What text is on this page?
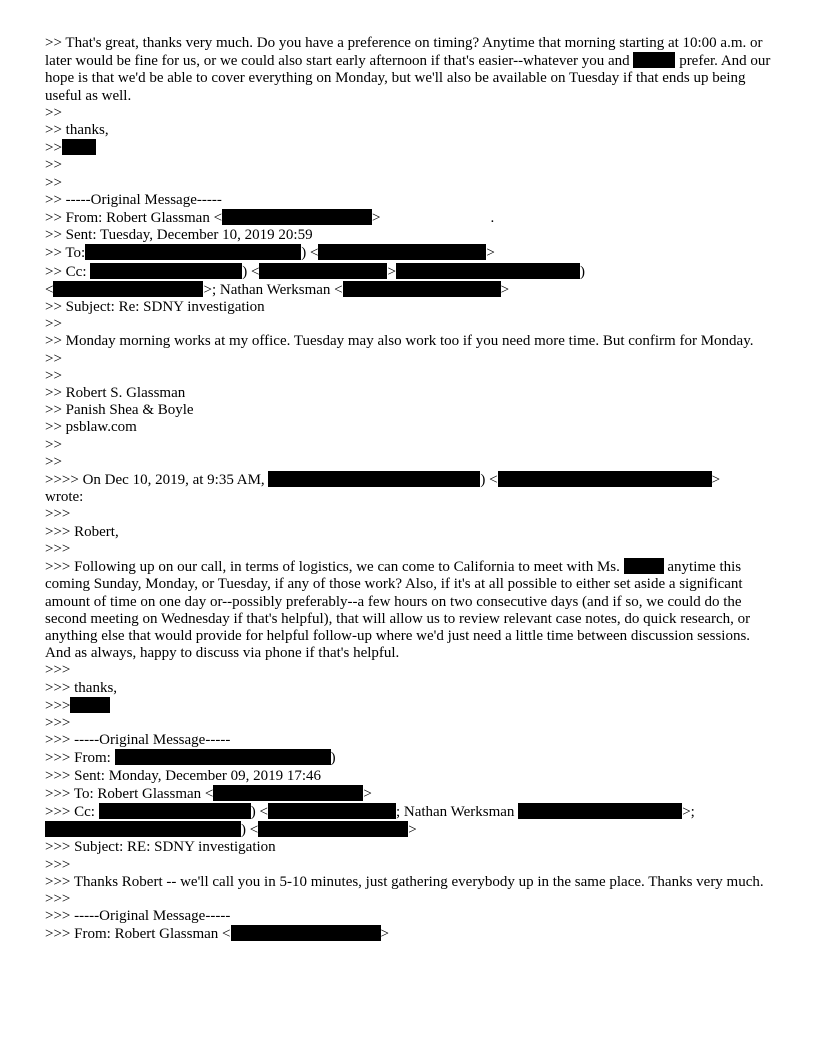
>> That's great, thanks very much. Do you have a preference on timing? Anytime that morning starting at 10:00 a.m. or later would be fine for us, or we could also start early afternoon if that's easier--whatever you and	prefer. And our hope is that we'd be able to cover everything on Monday, but we'll also be available on Tuesday if that ends up being useful as well.
>>
>> thanks,
>>
>>
>>
>> -----Original Message-----
>> From: Robert Glassman <	>	.
>> Sent: Tuesday, December 10, 2019 20:59
>> To:	) <	>
>> Cc:	) <	>	)
<	>; Nathan Werksman <	>
>> Subject: Re: SDNY investigation
>>
>> Monday morning works at my office. Tuesday may also work too if you need more time. But confirm for Monday.
>>
>>
>> Robert S. Glassman
>> Panish Shea & Boyle
>> psblaw.com
>>
>>
>>>> On Dec 10, 2019, at 9:35 AM,	) <	>
wrote:
>>>
>>> Robert,
>>>
>>> Following up on our call, in terms of logistics, we can come to California to meet with Ms.	anytime this coming Sunday, Monday, or Tuesday, if any of those work? Also, if it's at all possible to either set aside a significant amount of time on one day or--possibly preferably--a few hours on two consecutive days (and if so, we could do the second meeting on Wednesday if that's helpful), that will allow us to review relevant case notes, do quick research, or anything else that would provide for helpful follow-up where we'd just need a little time between discussion sessions. And as always, happy to discuss via phone if that's helpful.
>>>
>>> thanks,
>>>
>>>
>>> -----Original Message-----
>>> From:	)
>>> Sent: Monday, December 09, 2019 17:46
>>> To: Robert Glassman <	>
>>> Cc:	) <	; Nathan Werksman	>;
) <	>
>>> Subject: RE: SDNY investigation
>>>
>>> Thanks Robert -- we'll call you in 5-10 minutes, just gathering everybody up in the same place. Thanks very much.
>>>
>>> -----Original Message-----
>>> From: Robert Glassman <	>
